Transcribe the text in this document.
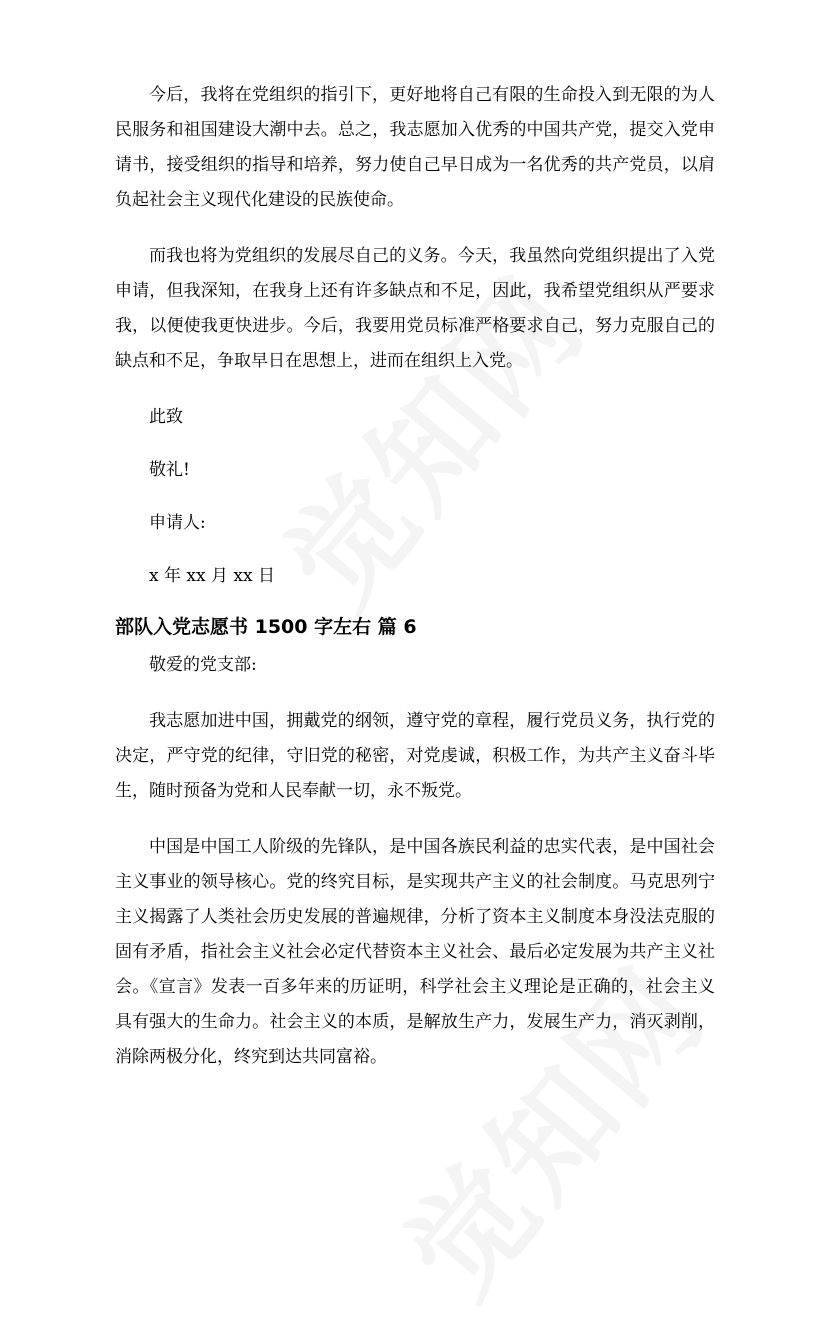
今后，我将在党组织的指引下，更好地将自己有限的生命投入到无限的为人民服务和祖国建设大潮中去。总之，我志愿加入优秀的中国共产党，提交入党申请书，接受组织的指导和培养，努力使自己早日成为一名优秀的共产党员，以肩负起社会主义现代化建设的民族使命。

而我也将为党组织的发展尽自己的义务。今天，我虽然向党组织提出了入党申请，但我深知，在我身上还有许多缺点和不足，因此，我希望党组织从严要求我，以便使我更快进步。今后，我要用党员标准严格要求自己，努力克服自己的缺点和不足，争取早日在思想上，进而在组织上入党。

此致

敬礼!

申请人:

x 年 xx 月 xx 日

部队入党志愿书 1500 字左右 篇 6

敬爱的党支部:

我志愿加进中国，拥戴党的纲领，遵守党的章程，履行党员义务，执行党的决定，严守党的纪律，守旧党的秘密，对党虔诚，积极工作，为共产主义奋斗毕生，随时预备为党和人民奉献一切，永不叛党。

中国是中国工人阶级的先锋队，是中国各族民利益的忠实代表，是中国社会主义事业的领导核心。党的终究目标，是实现共产主义的社会制度。马克思列宁主义揭露了人类社会历史发展的普遍规律，分析了资本主义制度本身没法克服的固有矛盾，指社会主义社会必定代替资本主义社会、最后必定发展为共产主义社会。《宣言》发表一百多年来的历证明，科学社会主义理论是正确的，社会主义具有强大的生命力。社会主义的本质，是解放生产力，发展生产力，消灭剥削，消除两极分化，终究到达共同富裕。
